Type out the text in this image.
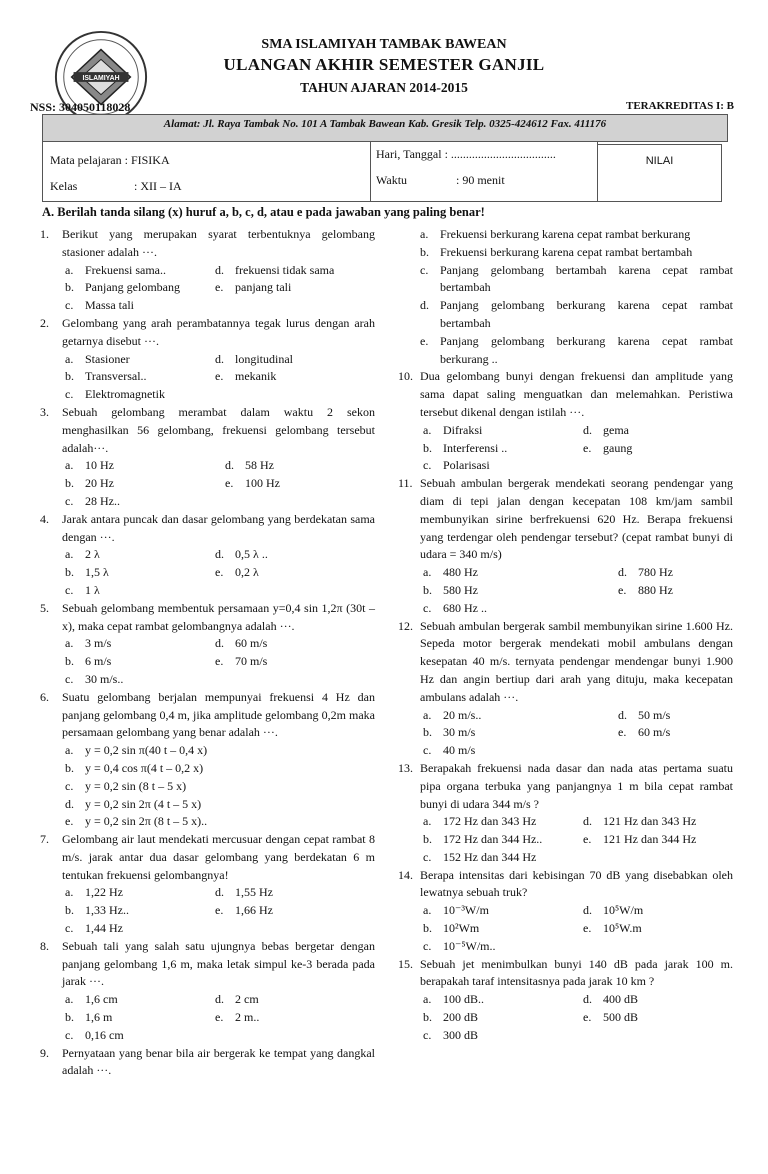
ISLAMIYAH
SMA ISLAMIYAH TAMBAK BAWEAN
ULANGAN AKHIR SEMESTER GANJIL
TAHUN AJARAN 2014-2015
NSS: 304050118028	TERAKREDITAS I: B
Alamat: Jl. Raya Tambak No. 101 A Tambak Bawean Kab. Gresik Telp. 0325-424612 Fax. 411176
Mata pelajaran : FISIKA
Kelas	: XII – IA
Hari, Tanggal : ...................................
Waktu	: 90 menit
NILAI
A. Berilah tanda silang (x) huruf a, b, c, d, atau e pada jawaban yang paling benar!
1. Berikut yang merupakan syarat terbentuknya gelombang stasioner adalah ···.
a. Frekuensi sama..	d. frekuensi tidak sama
b. Panjang gelombang	e. panjang tali
c. Massa tali
2. Gelombang yang arah perambatannya tegak lurus dengan arah getarnya disebut ···.
a. Stasioner	d. longitudinal
b. Transversal..	e. mekanik
c. Elektromagnetik
3. Sebuah gelombang merambat dalam waktu 2 sekon menghasilkan 56 gelombang, frekuensi gelombang tersebut adalah···.
a. 10 Hz	d. 58 Hz
b. 20 Hz	e. 100 Hz
c. 28 Hz..
4. Jarak antara puncak dan dasar gelombang yang berdekatan sama dengan ···.
a. 2 λ	d. 0,5 λ ..
b. 1,5 λ	e. 0,2 λ
c. 1 λ
5. Sebuah gelombang membentuk persamaan y=0,4 sin 1,2π (30t – x), maka cepat rambat gelombangnya adalah ···.
a. 3 m/s	d. 60 m/s
b. 6 m/s	e. 70 m/s
c. 30 m/s..
6. Suatu gelombang berjalan mempunyai frekuensi 4 Hz dan panjang gelombang 0,4 m, jika amplitude gelombang 0,2m maka persamaan gelombang yang benar adalah ···.
a. y = 0,2 sin π(40 t – 0,4 x)
b. y = 0,4 cos π(4 t – 0,2 x)
c. y = 0,2 sin (8 t – 5 x)
d. y = 0,2 sin 2π (4 t – 5 x)
e. y = 0,2 sin 2π (8 t – 5 x)..
7. Gelombang air laut mendekati mercusuar dengan cepat rambat 8 m/s. jarak antar dua dasar gelombang yang berdekatan 6 m tentukan frekuensi gelombangnya!
a. 1,22 Hz	d. 1,55 Hz
b. 1,33 Hz..	e. 1,66 Hz
c. 1,44 Hz
8. Sebuah tali yang salah satu ujungnya bebas bergetar dengan panjang gelombang 1,6 m, maka letak simpul ke-3 berada pada jarak ···.
a. 1,6 cm	d. 2 cm
b. 1,6 m	e. 2 m..
c. 0,16 cm
9. Pernyataan yang benar bila air bergerak ke tempat yang dangkal adalah ···.
a. Frekuensi berkurang karena cepat rambat berkurang
b. Frekuensi berkurang karena cepat rambat bertambah
c. Panjang gelombang bertambah karena cepat rambat bertambah
d. Panjang gelombang berkurang karena cepat rambat bertambah
e. Panjang gelombang berkurang karena cepat rambat berkurang ..
10. Dua gelombang bunyi dengan frekuensi dan amplitude yang sama dapat saling menguatkan dan melemahkan. Peristiwa tersebut dikenal dengan istilah ···.
a. Difraksi	d. gema
b. Interferensi ..	e. gaung
c. Polarisasi
11. Sebuah ambulan bergerak mendekati seorang pendengar yang diam di tepi jalan dengan kecepatan 108 km/jam sambil membunyikan sirine berfrekuensi 620 Hz. Berapa frekuensi yang terdengar oleh pendengar tersebut? (cepat rambat bunyi di udara = 340 m/s)
a. 480 Hz	d. 780 Hz
b. 580 Hz	e. 880 Hz
c. 680 Hz ..
12. Sebuah ambulan bergerak sambil membunyikan sirine 1.600 Hz. Sepeda motor bergerak mendekati mobil ambulans dengan kesepatan 40 m/s. ternyata pendengar mendengar bunyi 1.900 Hz dan angin bertiup dari arah yang dituju, maka kecepatan ambulans adalah ···.
a. 20 m/s..	d. 50 m/s
b. 30 m/s	e. 60 m/s
c. 40 m/s
13. Berapakah frekuensi nada dasar dan nada atas pertama suatu pipa organa terbuka yang panjangnya 1 m bila cepat rambat bunyi di udara 344 m/s ?
a. 172 Hz dan 343 Hz	d. 121 Hz dan 343 Hz
b. 172 Hz dan 344 Hz..	e. 121 Hz dan 344 Hz
c. 152 Hz dan 344 Hz
14. Berapa intensitas dari kebisingan 70 dB yang disebabkan oleh lewatnya sebuah truk?
a. 10⁻³W/m	d. 10⁵W/m
b. 10²Wm	e. 10⁵W.m
c. 10⁻⁵W/m..
15. Sebuah jet menimbulkan bunyi 140 dB pada jarak 100 m. berapakah taraf intensitasnya pada jarak 10 km ?
a. 100 dB..	d. 400 dB
b. 200 dB	e. 500 dB
c. 300 dB
